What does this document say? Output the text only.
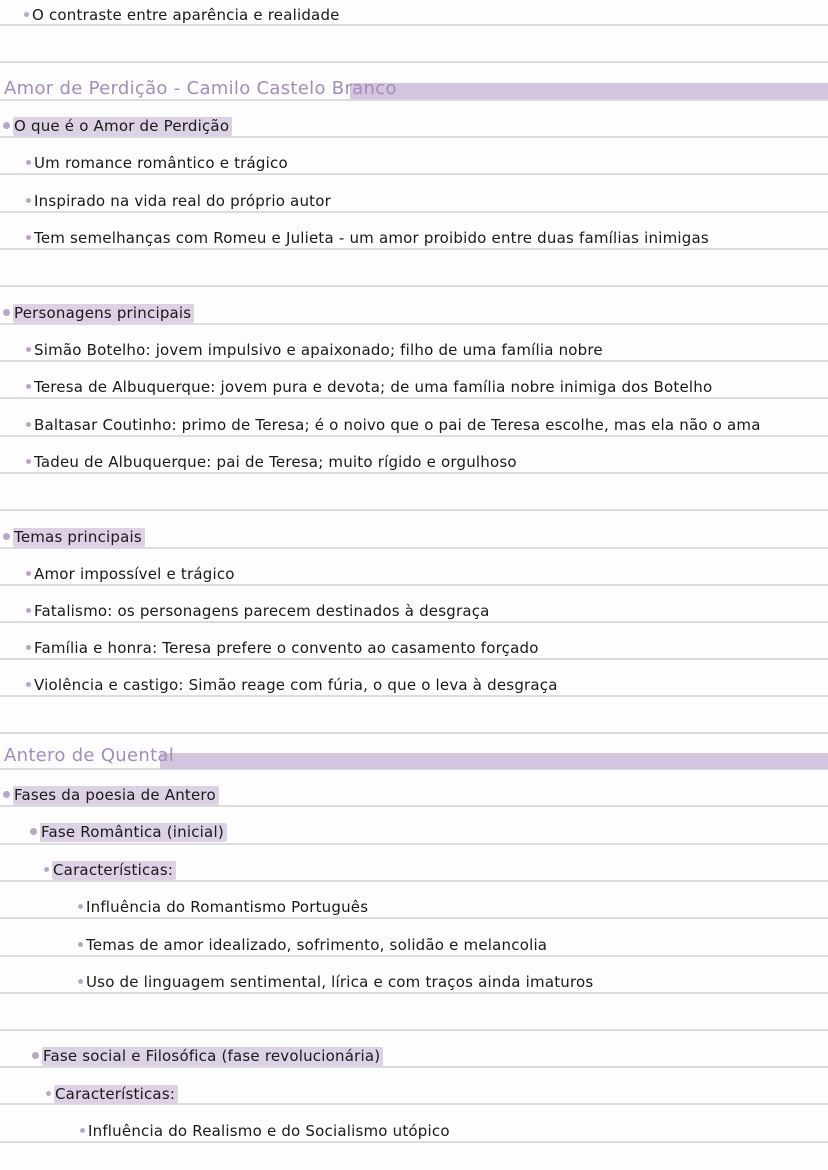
O contraste entre aparência e realidade
Amor de Perdição - Camilo Castelo Branco
O que é o Amor de Perdição
Um romance romântico e trágico
Inspirado na vida real do próprio autor
Tem semelhanças com Romeu e Julieta - um amor proibido entre duas famílias inimigas
Personagens principais
Simão Botelho: jovem impulsivo e apaixonado; filho de uma família nobre
Teresa de Albuquerque: jovem pura e devota; de uma família nobre inimiga dos Botelho
Baltasar Coutinho: primo de Teresa; é o noivo que o pai de Teresa escolhe, mas ela não o ama
Tadeu de Albuquerque: pai de Teresa; muito rígido e orgulhoso
Temas principais
Amor impossível e trágico
Fatalismo: os personagens parecem destinados à desgraça
Família e honra: Teresa prefere o convento ao casamento forçado
Violência e castigo: Simão reage com fúria, o que o leva à desgraça
Antero de Quental
Fases da poesia de Antero
Fase Romântica (inicial)
Características:
Influência do Romantismo Português
Temas de amor idealizado, sofrimento, solidão e melancolia
Uso de linguagem sentimental, lírica e com traços ainda imaturos
Fase social e Filosófica (fase revolucionária)
Características:
Influência do Realismo e do Socialismo utópico
